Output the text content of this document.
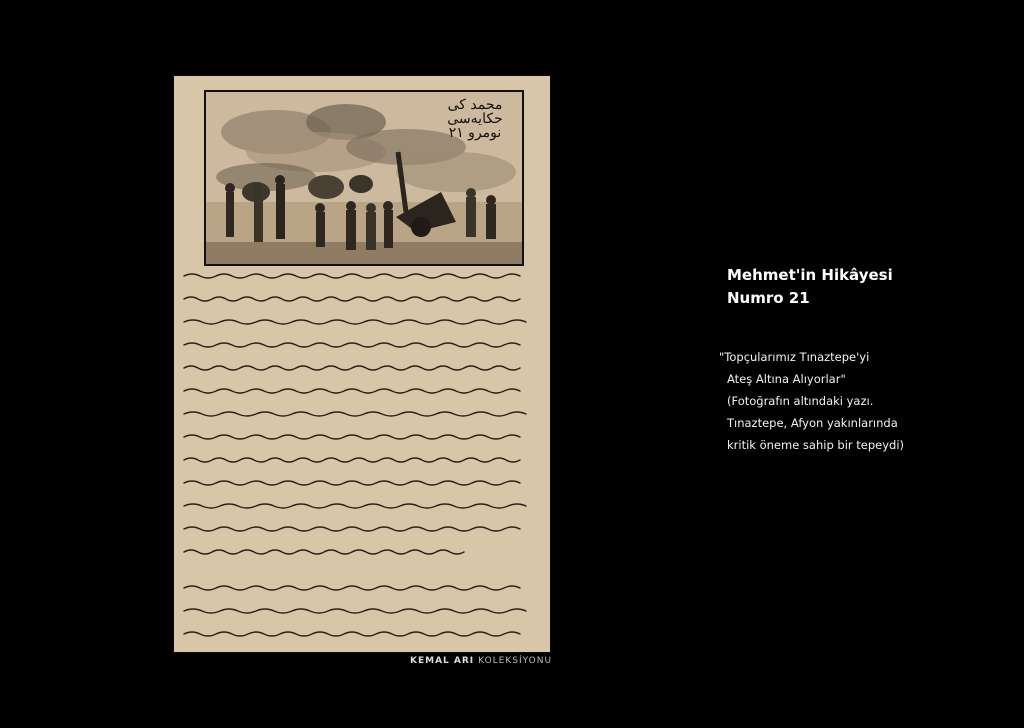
محمد کی حکایه‌سی نومرو ۲۱
KEMAL ARI KOLEKSİYONU
Mehmet'in Hikâyesi
Numro 21
"Topçularımız Tınaztepe'yi
Ateş Altına Alıyorlar"
(Fotoğrafın altındaki yazı.
Tınaztepe, Afyon yakınlarında
kritik öneme sahip bir tepeydi)
